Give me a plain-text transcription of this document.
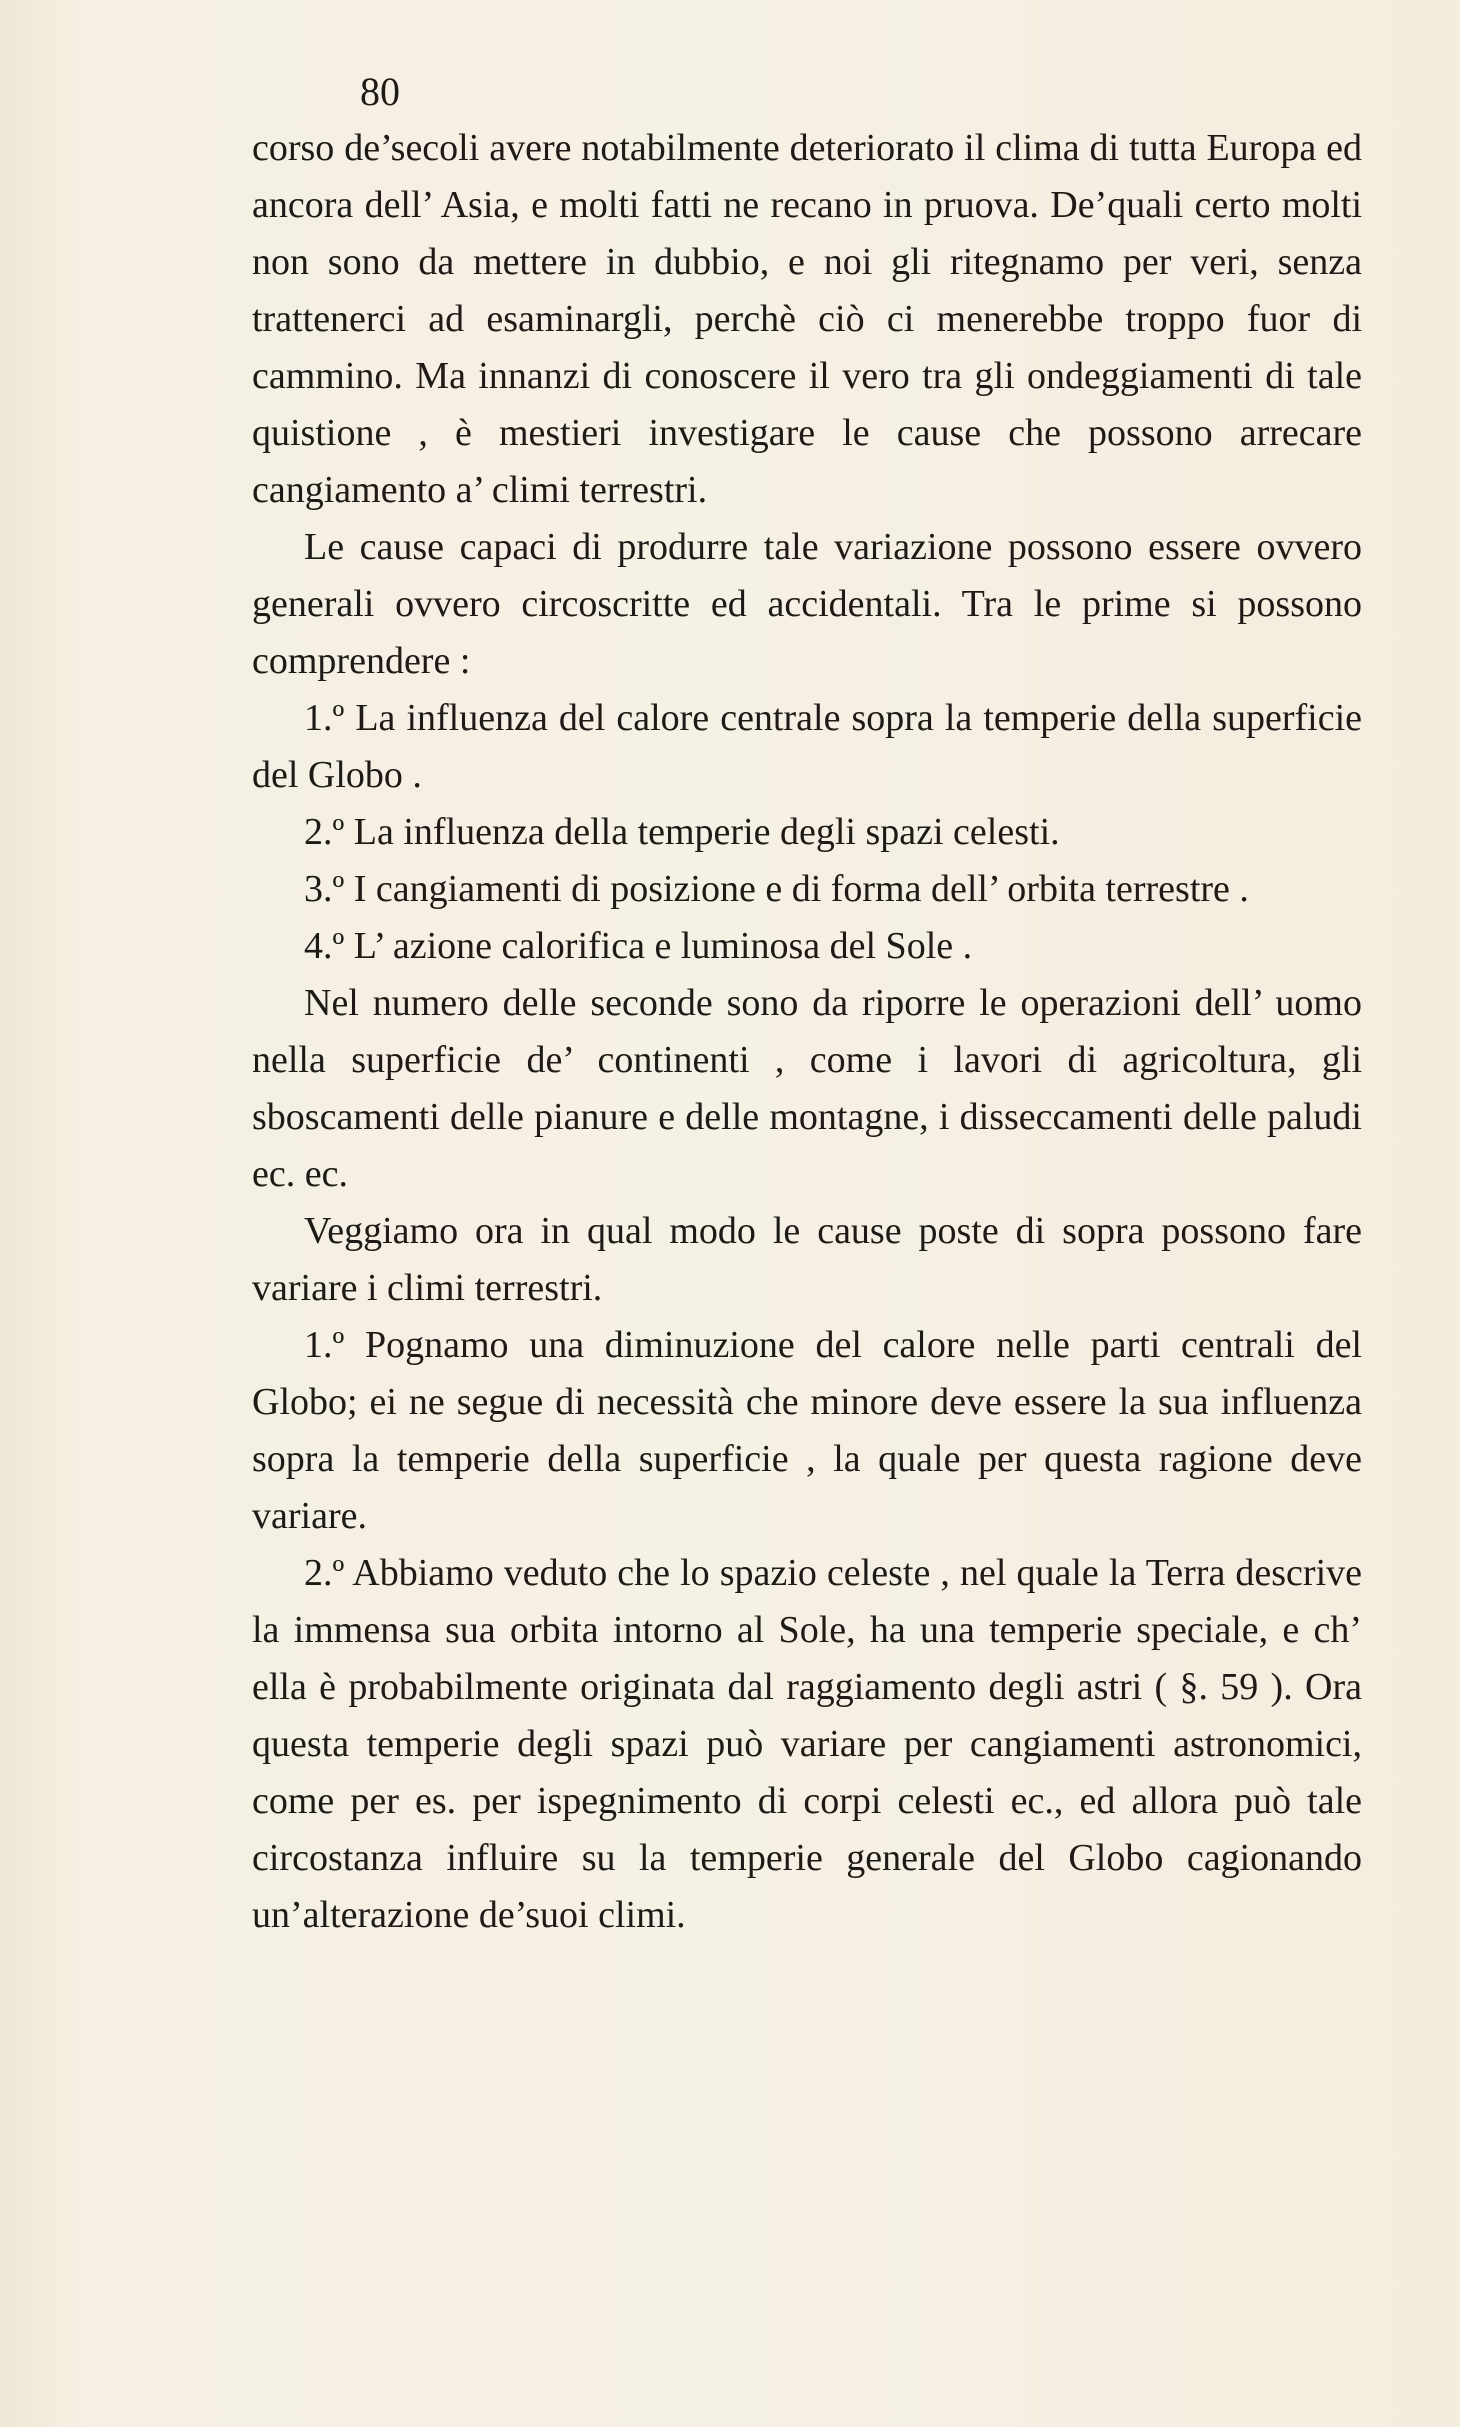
80

corso de’secoli avere notabilmente deteriorato il clima di tutta Europa ed ancora dell’ Asia, e molti fatti ne recano in pruova. De’quali certo molti non sono da mettere in dubbio, e noi gli ritegnamo per veri, senza trattenerci ad esaminargli, perchè ciò ci menerebbe troppo fuor di cammino. Ma innanzi di conoscere il vero tra gli ondeggiamenti di tale quistione , è mestieri investigare le cause che possono arrecare cangiamento a’ climi terrestri.

Le cause capaci di produrre tale variazione possono essere ovvero generali ovvero circoscritte ed accidentali. Tra le prime si possono comprendere :

1.º La influenza del calore centrale sopra la temperie della superficie del Globo .

2.º La influenza della temperie degli spazi celesti.

3.º I cangiamenti di posizione e di forma dell’ orbita terrestre .

4.º L’ azione calorifica e luminosa del Sole .

Nel numero delle seconde sono da riporre le operazioni dell’ uomo nella superficie de’ continenti , come i lavori di agricoltura, gli sboscamenti delle pianure e delle montagne, i disseccamenti delle paludi ec. ec.

Veggiamo ora in qual modo le cause poste di sopra possono fare variare i climi terrestri.

1.º Pognamo una diminuzione del calore nelle parti centrali del Globo; ei ne segue di necessità che minore deve essere la sua influenza sopra la temperie della superficie , la quale per questa ragione deve variare.

2.º Abbiamo veduto che lo spazio celeste , nel quale la Terra descrive la immensa sua orbita intorno al Sole, ha una temperie speciale, e ch’ ella è probabilmente originata dal raggiamento degli astri ( §. 59 ). Ora questa temperie degli spazi può variare per cangiamenti astronomici, come per es. per ispegnimento di corpi celesti ec., ed allora può tale circostanza influire su la temperie generale del Globo cagionando un’alterazione de’suoi climi.
